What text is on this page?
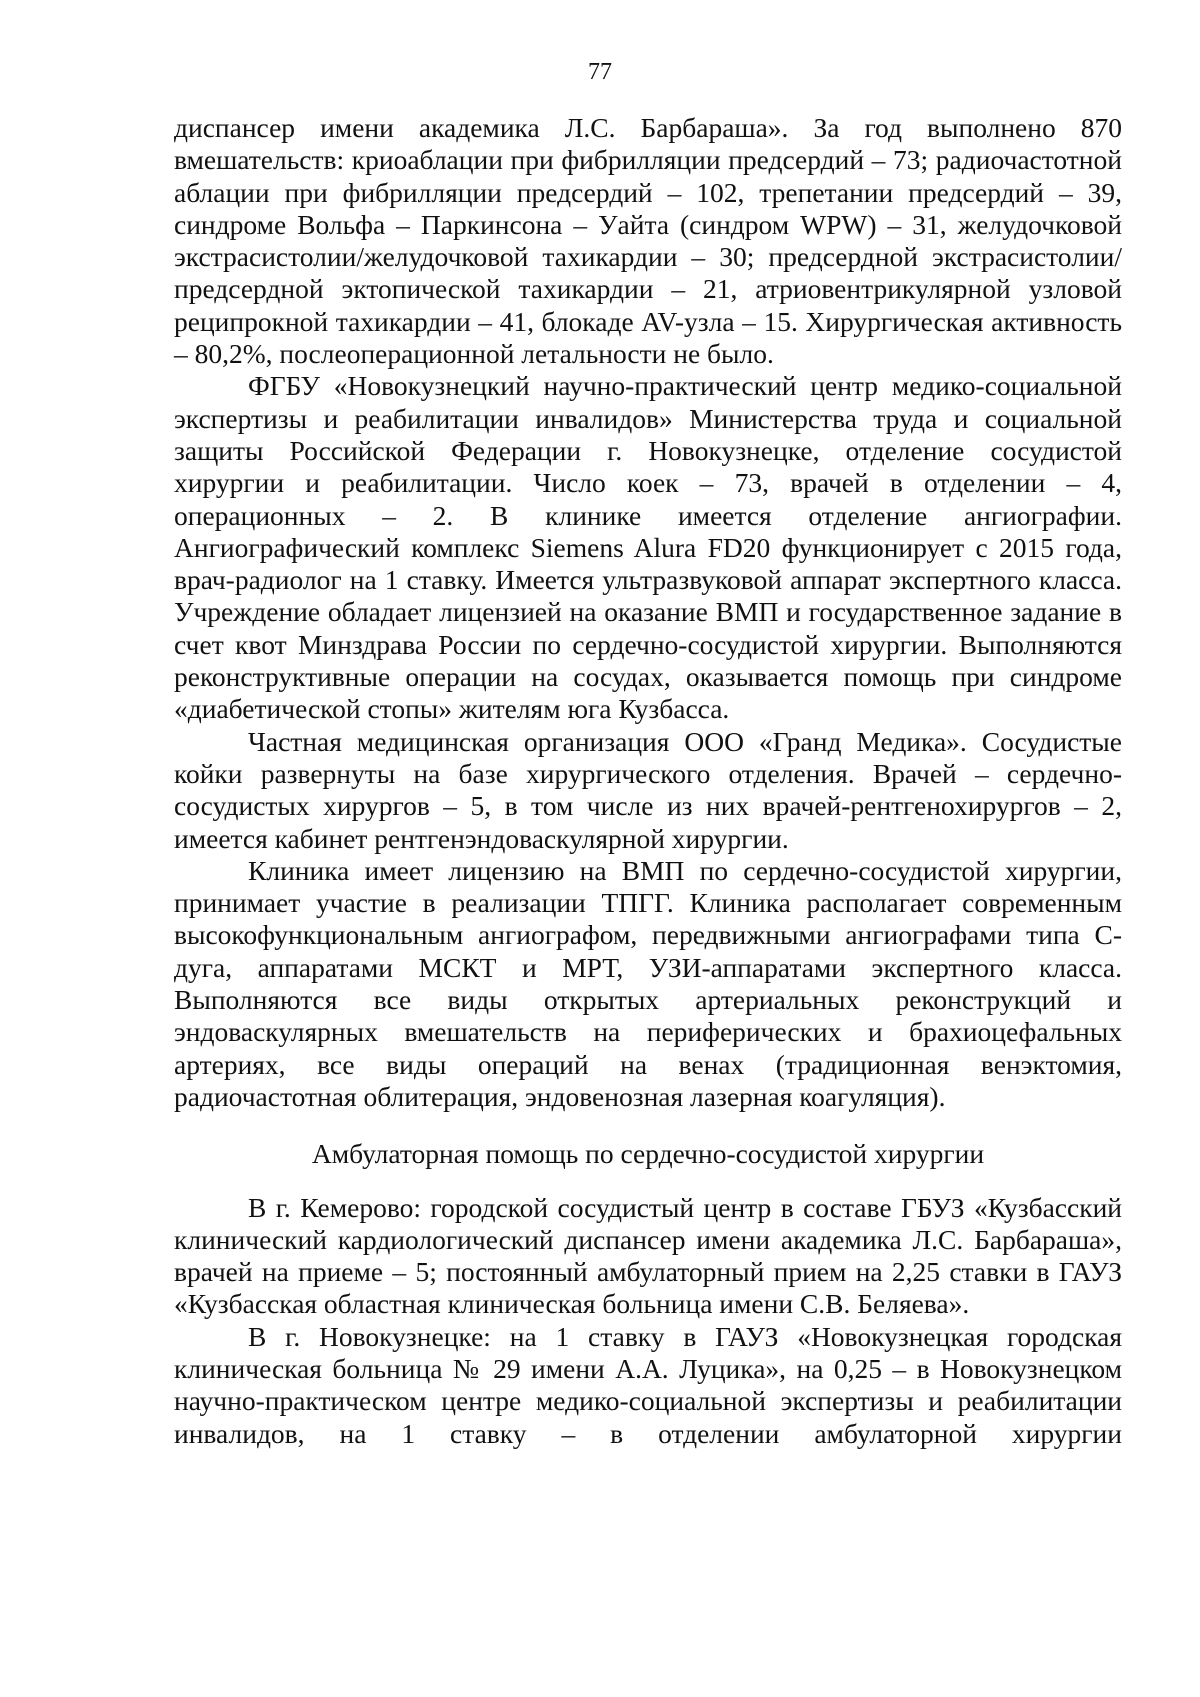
77

диспансер имени академика Л.С. Барбараша». За год выполнено 870 вмешательств: криоаблации при фибрилляции предсердий – 73; радиочастотной аблации при фибрилляции предсердий – 102, трепетании предсердий – 39, синдроме Вольфа – Паркинсона – Уайта (синдром WPW) – 31, желудочковой экстрасистолии/желудочковой тахикардии – 30; предсердной экстрасистолии/предсердной эктопической тахикардии – 21, атриовентрикулярной узловой реципрокной тахикардии – 41, блокаде AV-узла – 15. Хирургическая активность – 80,2%, послеоперационной летальности не было.

ФГБУ «Новокузнецкий научно-практический центр медико-социальной экспертизы и реабилитации инвалидов» Министерства труда и социальной защиты Российской Федерации г. Новокузнецке, отделение сосудистой хирургии и реабилитации. Число коек – 73, врачей в отделении – 4, операционных – 2. В клинике имеется отделение ангиографии. Ангиографический комплекс Siemens Alura FD20 функционирует с 2015 года, врач-радиолог на 1 ставку. Имеется ультразвуковой аппарат экспертного класса. Учреждение обладает лицензией на оказание ВМП и государственное задание в счет квот Минздрава России по сердечно-сосудистой хирургии. Выполняются реконструктивные операции на сосудах, оказывается помощь при синдроме «диабетической стопы» жителям юга Кузбасса.

Частная медицинская организация ООО «Гранд Медика». Сосудистые койки развернуты на базе хирургического отделения. Врачей – сердечно-сосудистых хирургов – 5, в том числе из них врачей-рентгенохирургов – 2, имеется кабинет рентгенэндоваскулярной хирургии.

Клиника имеет лицензию на ВМП по сердечно-сосудистой хирургии, принимает участие в реализации ТПГГ. Клиника располагает современным высокофункциональным ангиографом, передвижными ангиографами типа С-дуга, аппаратами МСКТ и МРТ, УЗИ-аппаратами экспертного класса. Выполняются все виды открытых артериальных реконструкций и эндоваскулярных вмешательств на периферических и брахиоцефальных артериях, все виды операций на венах (традиционная венэктомия, радиочастотная облитерация, эндовенозная лазерная коагуляция).

Амбулаторная помощь по сердечно-сосудистой хирургии

В г. Кемерово: городской сосудистый центр в составе ГБУЗ «Кузбасский клинический кардиологический диспансер имени академика Л.С. Барбараша», врачей на приеме – 5; постоянный амбулаторный прием на 2,25 ставки в ГАУЗ «Кузбасская областная клиническая больница имени С.В. Беляева».

В г. Новокузнецке: на 1 ставку в ГАУЗ «Новокузнецкая городская клиническая больница № 29 имени А.А. Луцика», на 0,25 – в Новокузнецком научно-практическом центре медико-социальной экспертизы и реабилитации инвалидов, на 1 ставку – в отделении амбулаторной хирургии
